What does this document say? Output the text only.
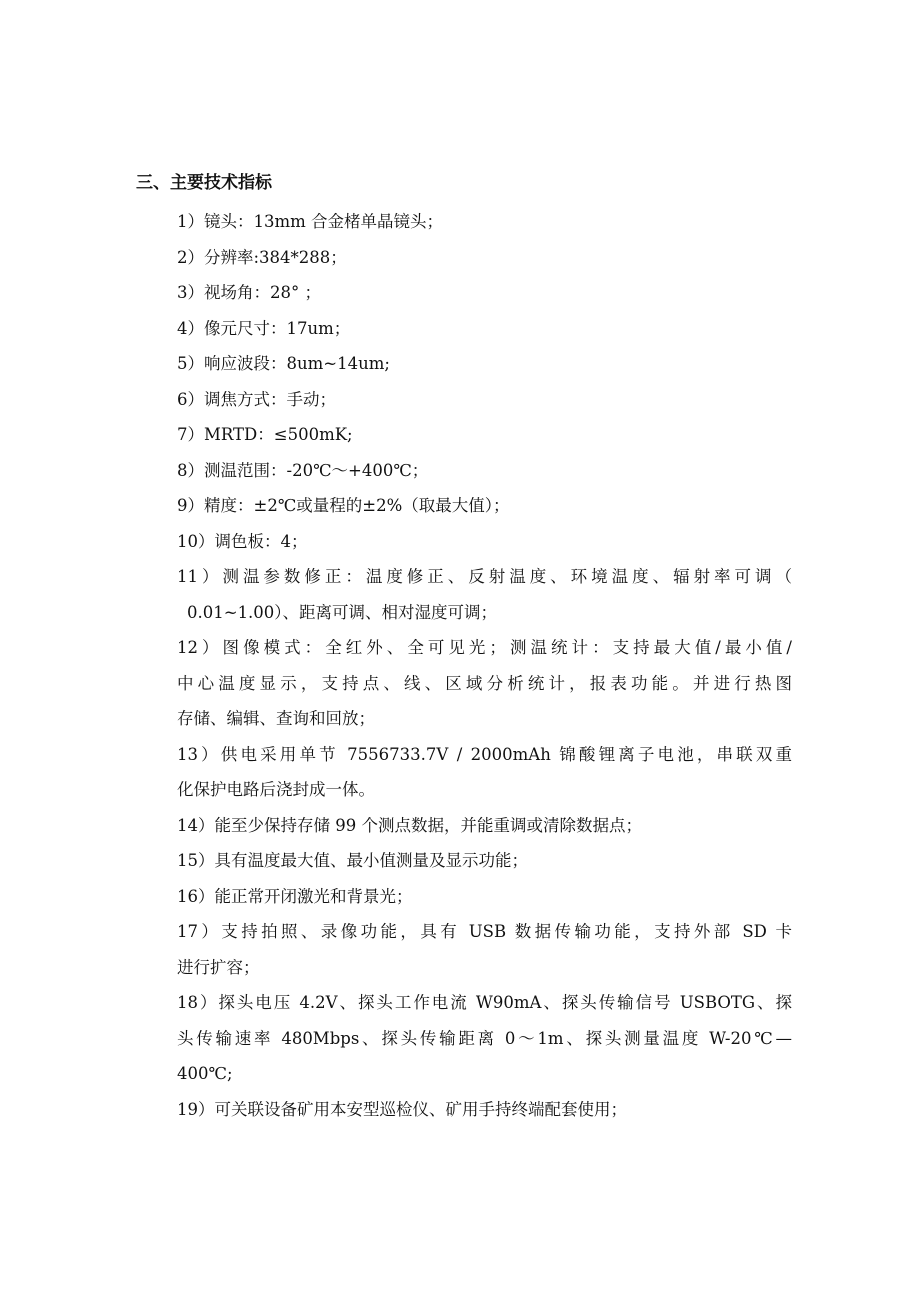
三、主要技术指标
1）镜头：13mm 合金楮单晶镜头；
2）分辨率:384*288；
3）视场角：28° ；
4）像元尺寸：17um；
5）响应波段：8um~14um;
6）调焦方式：手动；
7）MRTD：≤500mK;
8）测温范围：-20℃～+400℃；
9）精度：±2℃或量程的±2%（取最大值）；
10）调色板：4；
11）测温参数修正：温度修正、反射温度、环境温度、辐射率可调（
0.01~1.00）、距离可调、相对湿度可调；
12）图像模式：全红外、全可见光；测温统计：支持最大值/最小值/
中心温度显示，支持点、线、区域分析统计，报表功能。并进行热图
存储、编辑、查询和回放；
13）供电采用单节 7556733.7V / 2000mAh 锦酸锂离子电池，串联双重
化保护电路后浇封成一体。
14）能至少保持存储 99 个测点数据，并能重调或清除数据点；
15）具有温度最大值、最小值测量及显示功能；
16）能正常开闭激光和背景光；
17）支持拍照、录像功能，具有 USB 数据传输功能，支持外部 SD 卡
进行扩容；
18）探头电压 4.2V、探头工作电流 W90mA、探头传输信号 USBOTG、探
头传输速率 480Mbps、探头传输距离 0～1m、探头测量温度 W-20℃—
400℃;
19）可关联设备矿用本安型巡检仪、矿用手持终端配套使用；
